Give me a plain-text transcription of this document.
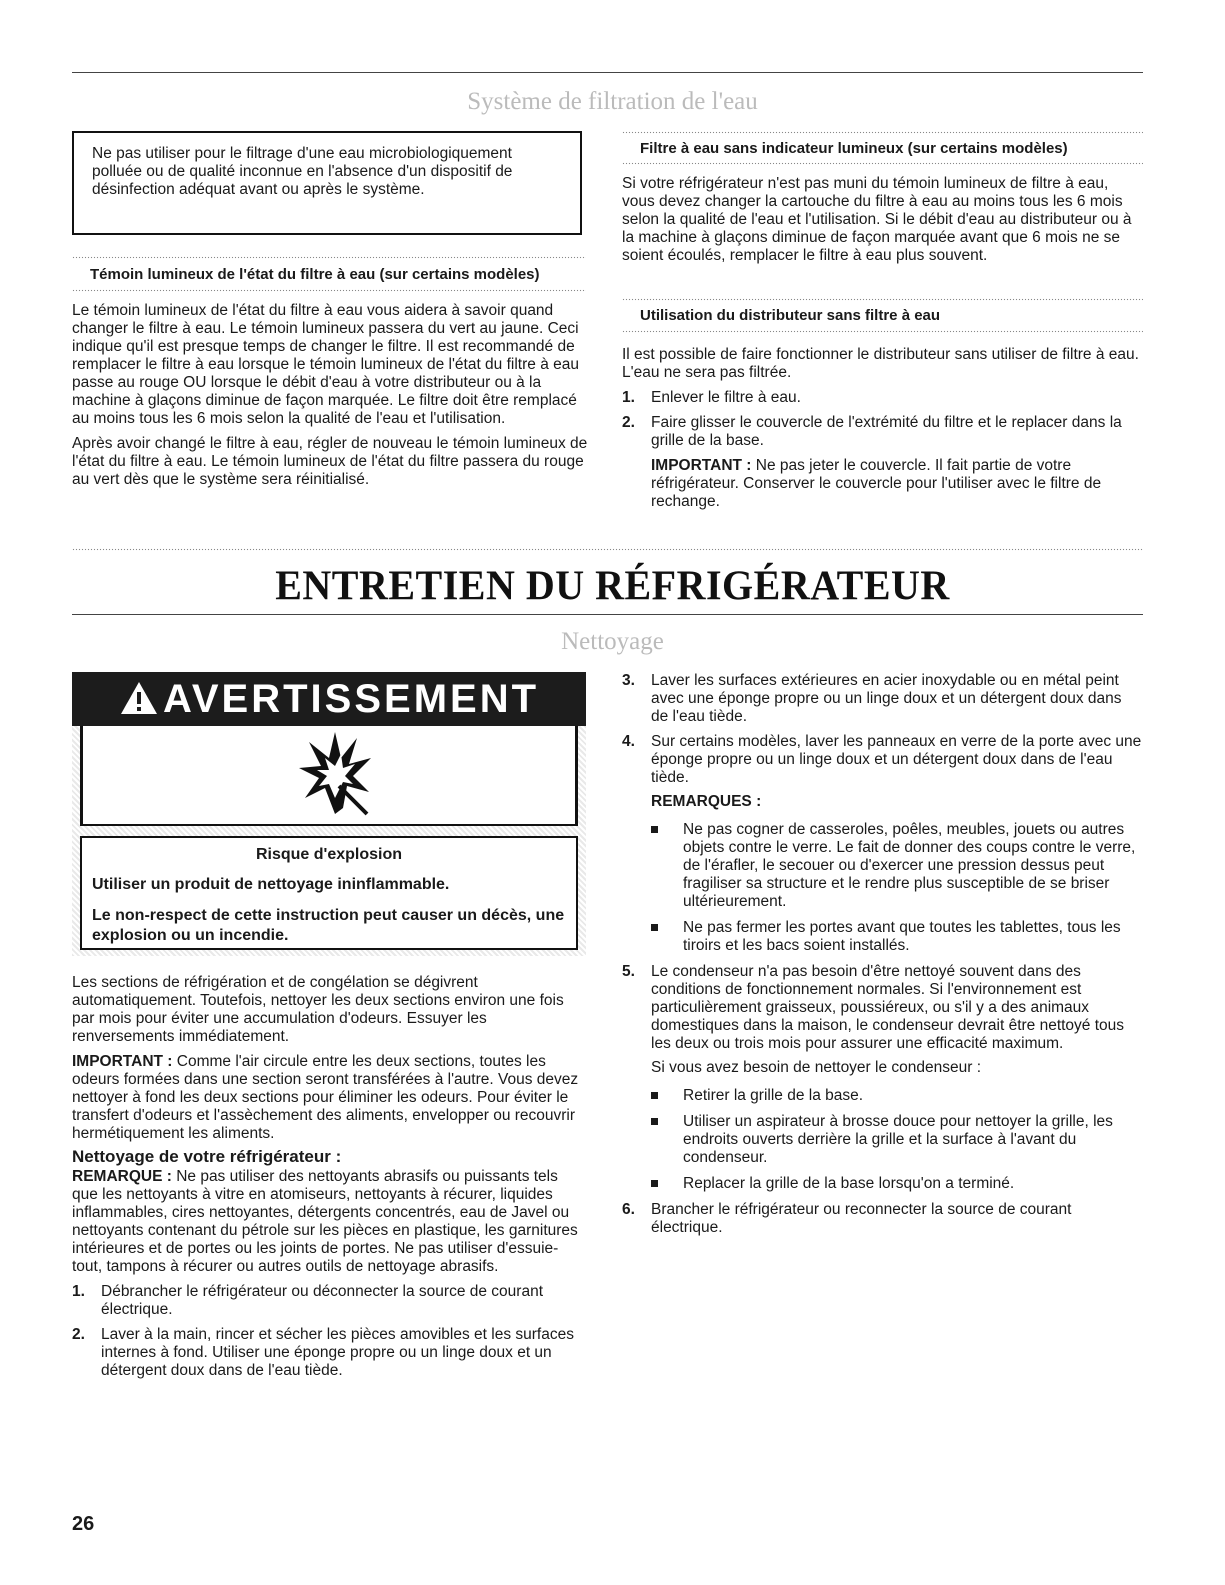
Système de filtration de l'eau
Ne pas utiliser pour le filtrage d'une eau microbiologiquement polluée ou de qualité inconnue en l'absence d'un dispositif de désinfection adéquat avant ou après le système.
Témoin lumineux de l'état du filtre à eau (sur certains modèles)

Le témoin lumineux de l'état du filtre à eau vous aidera à savoir quand changer le filtre à eau. Le témoin lumineux passera du vert au jaune. Ceci indique qu'il est presque temps de changer le filtre. Il est recommandé de remplacer le filtre à eau lorsque le témoin lumineux de l'état du filtre à eau passe au rouge OU lorsque le débit d'eau à votre distributeur ou à la machine à glaçons diminue de façon marquée. Le filtre doit être remplacé au moins tous les 6 mois selon la qualité de l'eau et l'utilisation.

Après avoir changé le filtre à eau, régler de nouveau le témoin lumineux de l'état du filtre à eau. Le témoin lumineux de l'état du filtre passera du rouge au vert dès que le système sera réinitialisé.

Filtre à eau sans indicateur lumineux (sur certains modèles)

Si votre réfrigérateur n'est pas muni du témoin lumineux de filtre à eau, vous devez changer la cartouche du filtre à eau au moins tous les 6 mois selon la qualité de l'eau et l'utilisation. Si le débit d'eau au distributeur ou à la machine à glaçons diminue de façon marquée avant que 6 mois ne se soient écoulés, remplacer le filtre à eau plus souvent.

Utilisation du distributeur sans filtre à eau

Il est possible de faire fonctionner le distributeur sans utiliser de filtre à eau. L'eau ne sera pas filtrée.

1. Enlever le filtre à eau.
2. Faire glisser le couvercle de l'extrémité du filtre et le replacer dans la grille de la base.
IMPORTANT : Ne pas jeter le couvercle. Il fait partie de votre réfrigérateur. Conserver le couvercle pour l'utiliser avec le filtre de rechange.
ENTRETIEN DU RÉFRIGÉRATEUR
Nettoyage
AVERTISSEMENT
Risque d'explosion
Utiliser un produit de nettoyage ininflammable.
Le non-respect de cette instruction peut causer un décès, une explosion ou un incendie.

Les sections de réfrigération et de congélation se dégivrent automatiquement. Toutefois, nettoyer les deux sections environ une fois par mois pour éviter une accumulation d'odeurs. Essuyer les renversements immédiatement.

IMPORTANT : Comme l'air circule entre les deux sections, toutes les odeurs formées dans une section seront transférées à l'autre. Vous devez nettoyer à fond les deux sections pour éliminer les odeurs. Pour éviter le transfert d'odeurs et l'assèchement des aliments, envelopper ou recouvrir hermétiquement les aliments.

Nettoyage de votre réfrigérateur :

REMARQUE : Ne pas utiliser des nettoyants abrasifs ou puissants tels que les nettoyants à vitre en atomiseurs, nettoyants à récurer, liquides inflammables, cires nettoyantes, détergents concentrés, eau de Javel ou nettoyants contenant du pétrole sur les pièces en plastique, les garnitures intérieures et de portes ou les joints de portes. Ne pas utiliser d'essuie-tout, tampons à récurer ou autres outils de nettoyage abrasifs.

1. Débrancher le réfrigérateur ou déconnecter la source de courant électrique.
2. Laver à la main, rincer et sécher les pièces amovibles et les surfaces internes à fond. Utiliser une éponge propre ou un linge doux et un détergent doux dans de l'eau tiède.
3. Laver les surfaces extérieures en acier inoxydable ou en métal peint avec une éponge propre ou un linge doux et un détergent doux dans de l'eau tiède.
4. Sur certains modèles, laver les panneaux en verre de la porte avec une éponge propre ou un linge doux et un détergent doux dans de l'eau tiède.
REMARQUES :
Ne pas cogner de casseroles, poêles, meubles, jouets ou autres objets contre le verre. Le fait de donner des coups contre le verre, de l'érafler, le secouer ou d'exercer une pression dessus peut fragiliser sa structure et le rendre plus susceptible de se briser ultérieurement.
Ne pas fermer les portes avant que toutes les tablettes, tous les tiroirs et les bacs soient installés.
5. Le condenseur n'a pas besoin d'être nettoyé souvent dans des conditions de fonctionnement normales. Si l'environnement est particulièrement graisseux, poussiéreux, ou s'il y a des animaux domestiques dans la maison, le condenseur devrait être nettoyé tous les deux ou trois mois pour assurer une efficacité maximum.
Si vous avez besoin de nettoyer le condenseur :
Retirer la grille de la base.
Utiliser un aspirateur à brosse douce pour nettoyer la grille, les endroits ouverts derrière la grille et la surface à l'avant du condenseur.
Replacer la grille de la base lorsqu'on a terminé.
6. Brancher le réfrigérateur ou reconnecter la source de courant électrique.
26
